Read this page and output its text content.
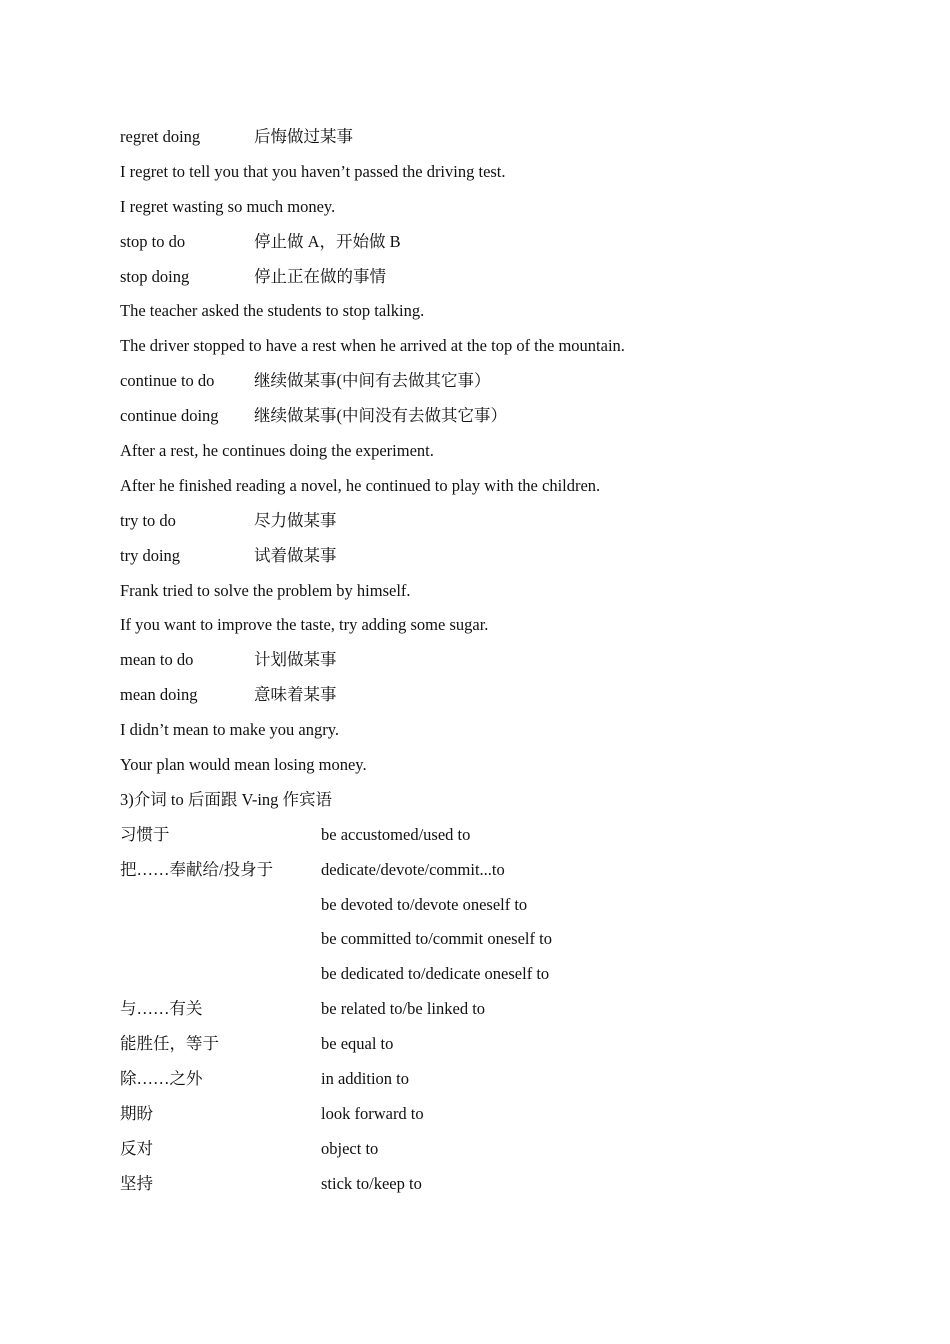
regret doing	后悔做过某事
I regret to tell you that you haven’t passed the driving test.
I regret wasting so much money.
stop to do	停止做 A，开始做 B
stop doing	停止正在做的事情
The teacher asked the students to stop talking.
The driver stopped to have a rest when he arrived at the top of the mountain.
continue to do 继续做某事(中间有去做其它事）
continue doing 继续做某事(中间没有去做其它事）
After a rest, he continues doing the experiment.
After he finished reading a novel, he continued to play with the children.
try to do	尽力做某事
try doing	试着做某事
Frank tried to solve the problem by himself.
If you want to improve the taste, try adding some sugar.
mean to do	计划做某事
mean doing	意味着某事
I didn’t mean to make you angry.
Your plan would mean losing money.
3)介词 to 后面跟 V-ing 作宾语
习惯于	be accustomed/used to
把……奉献给/投身于	dedicate/devote/commit...to
be devoted to/devote oneself to
be committed to/commit oneself to
be dedicated to/dedicate oneself to
与……有关	be related to/be linked to
能胜任，等于	be equal to
除……之外	in addition to
期盼	look forward to
反对	object to
坚持	stick to/keep to
